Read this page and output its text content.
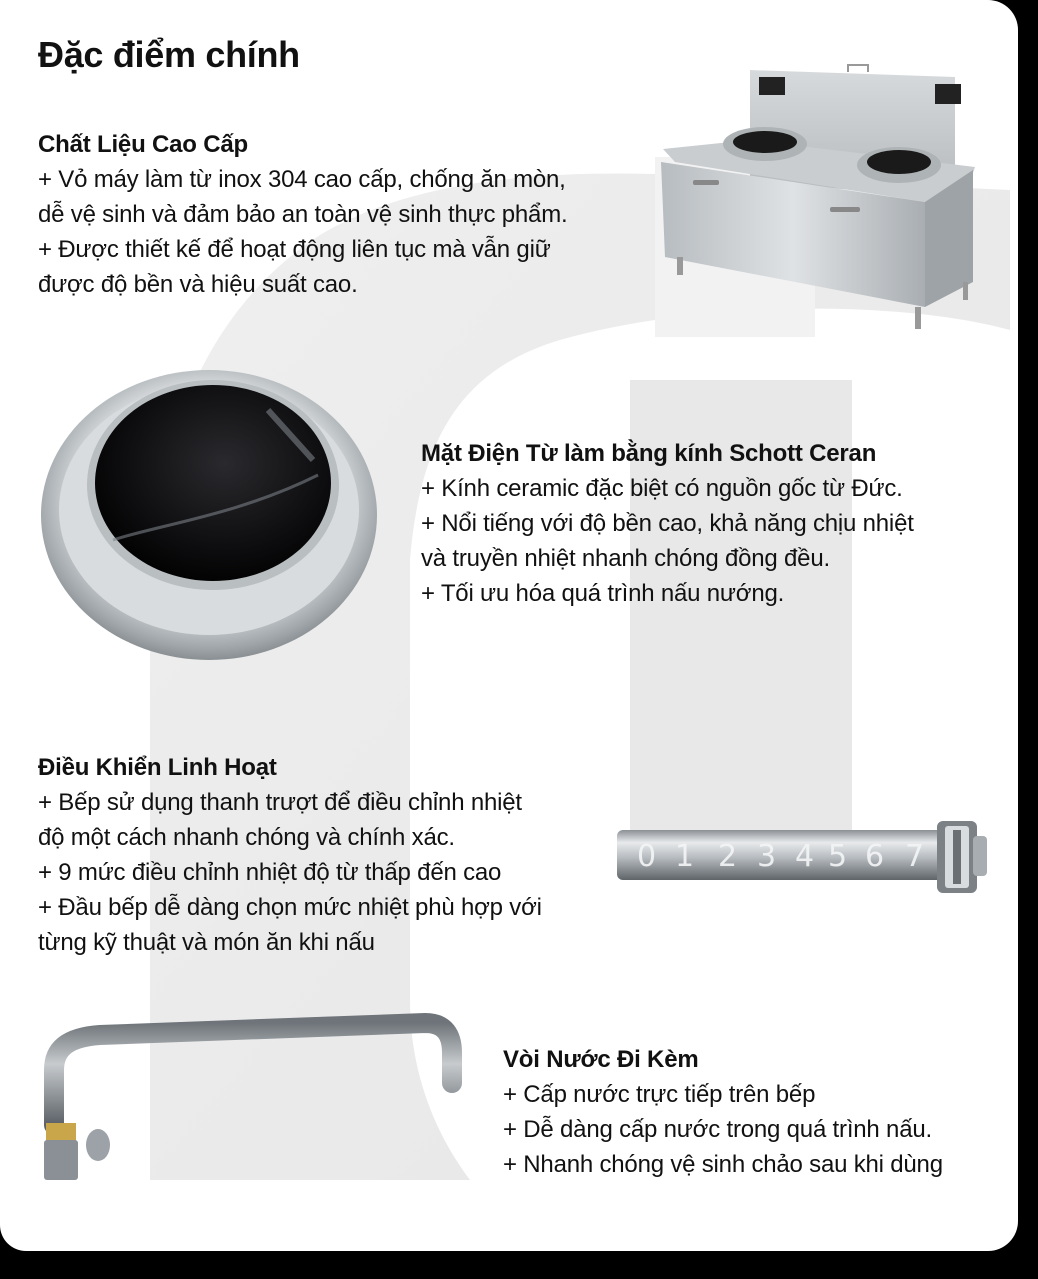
Đặc điểm chính
Chất Liệu Cao Cấp

+ Vỏ máy làm từ inox 304 cao cấp, chống ăn mòn,

dễ vệ sinh và đảm bảo an toàn vệ sinh thực phẩm.

+ Được thiết kế để hoạt động liên tục mà vẫn giữ

được độ bền và hiệu suất cao.

Mặt Điện Từ làm bằng kính Schott Ceran

+ Kính ceramic đặc biệt có nguồn gốc từ Đức.

+ Nổi tiếng với độ bền cao, khả năng chịu nhiệt

và truyền nhiệt nhanh chóng đồng đều.

+ Tối ưu hóa quá trình nấu nướng.

Điều Khiển Linh Hoạt

+ Bếp sử dụng thanh trượt để điều chỉnh nhiệt

độ một cách nhanh chóng và chính xác.

+ 9 mức điều chỉnh nhiệt độ từ thấp đến cao

+ Đầu bếp dễ dàng chọn mức nhiệt phù hợp với

từng kỹ thuật và món ăn khi nấu

0 1 2 3 4 5 6 7
Vòi Nước Đi Kèm

+ Cấp nước trực tiếp trên bếp

+ Dễ dàng cấp nước trong quá trình nấu.

+ Nhanh chóng vệ sinh chảo sau khi dùng
